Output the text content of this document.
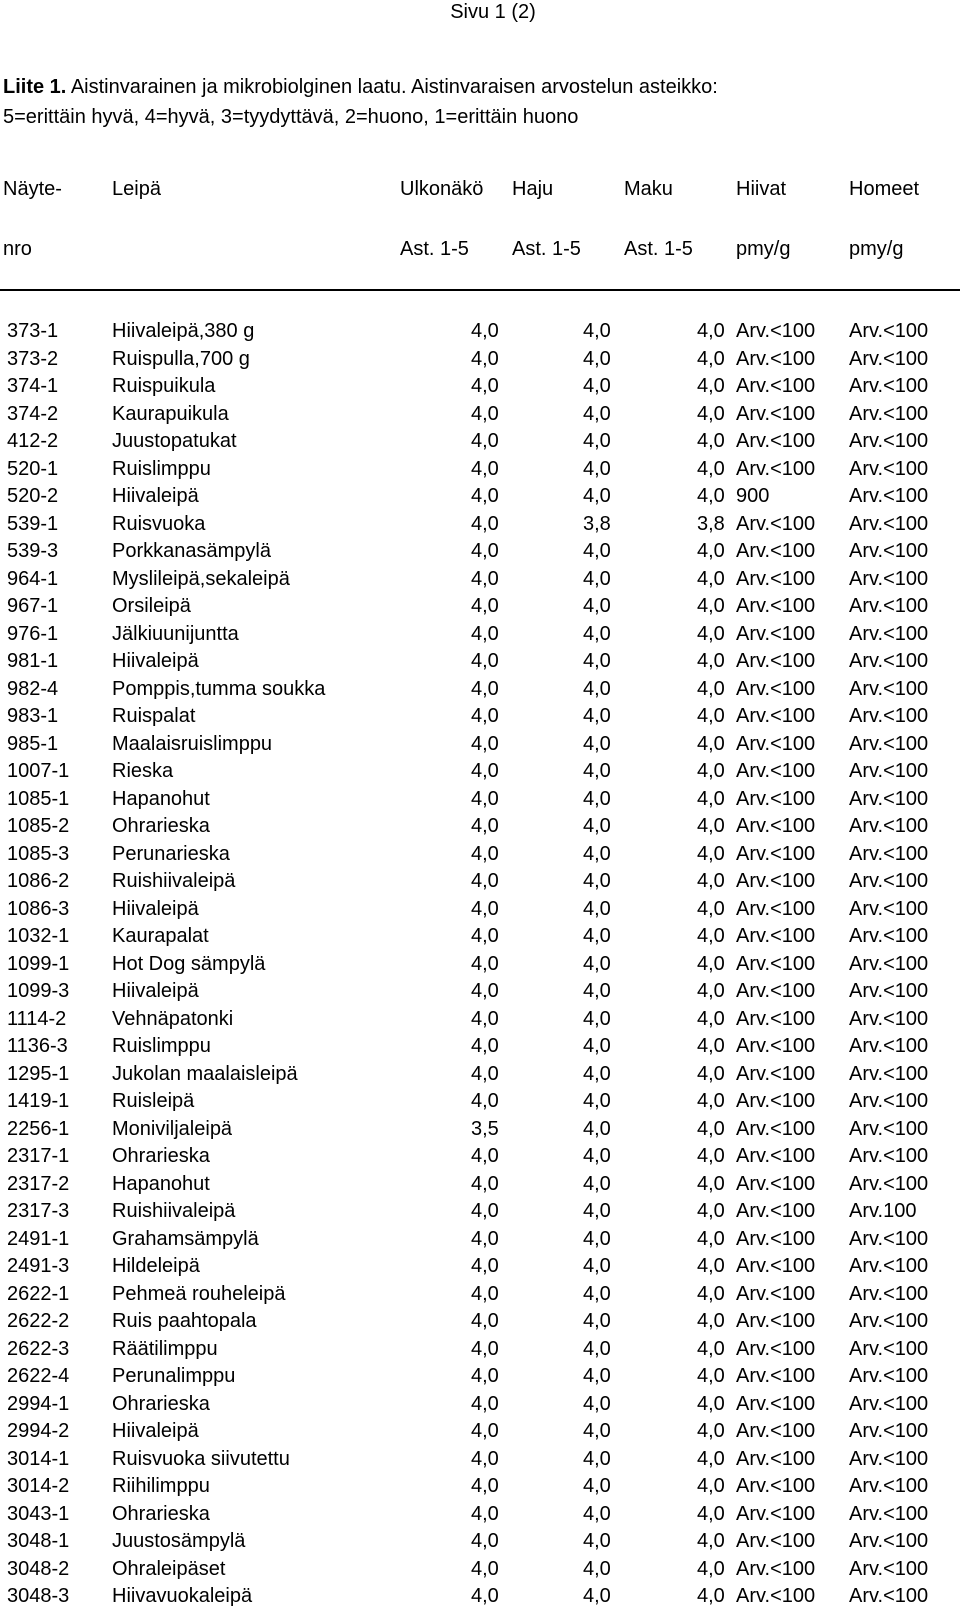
Sivu 1 (2)
Liite 1. Aistinvarainen ja mikrobiolginen laatu. Aistinvaraisen arvostelun asteikko:
5=erittäin hyvä, 4=hyvä, 3=tyydyttävä, 2=huono, 1=erittäin huono
Näyte-	Leipä	Ulkonäkö Haju	Maku	Hiivat	Homeet
nro	Ast. 1-5 Ast. 1-5 Ast. 1-5 pmy/g	pmy/g
373-1	Hiivaleipä,380 g	4,0	4,0	4,0 Arv.<100 Arv.<100
373-2	Ruispulla,700 g	4,0	4,0	4,0 Arv.<100 Arv.<100
374-1	Ruispuikula	4,0	4,0	4,0 Arv.<100 Arv.<100
374-2	Kaurapuikula	4,0	4,0	4,0 Arv.<100 Arv.<100
412-2	Juustopatukat	4,0	4,0	4,0 Arv.<100 Arv.<100
520-1	Ruislimppu	4,0	4,0	4,0 Arv.<100 Arv.<100
520-2	Hiivaleipä	4,0	4,0	4,0 900	Arv.<100
539-1	Ruisvuoka	4,0	3,8	3,8 Arv.<100 Arv.<100
539-3	Porkkanasämpylä	4,0	4,0	4,0 Arv.<100 Arv.<100
964-1	Myslileipä,sekaleipä	4,0	4,0	4,0 Arv.<100 Arv.<100
967-1	Orsileipä	4,0	4,0	4,0 Arv.<100 Arv.<100
976-1	Jälkiuunijuntta	4,0	4,0	4,0 Arv.<100 Arv.<100
981-1	Hiivaleipä	4,0	4,0	4,0 Arv.<100 Arv.<100
982-4	Pomppis,tumma soukka	4,0	4,0	4,0 Arv.<100 Arv.<100
983-1	Ruispalat	4,0	4,0	4,0 Arv.<100 Arv.<100
985-1	Maalaisruislimppu	4,0	4,0	4,0 Arv.<100 Arv.<100
1007-1 Rieska	4,0	4,0	4,0 Arv.<100 Arv.<100
1085-1 Hapanohut	4,0	4,0	4,0 Arv.<100 Arv.<100
1085-2 Ohrarieska	4,0	4,0	4,0 Arv.<100 Arv.<100
1085-3 Perunarieska	4,0	4,0	4,0 Arv.<100 Arv.<100
1086-2 Ruishiivaleipä	4,0	4,0	4,0 Arv.<100 Arv.<100
1086-3 Hiivaleipä	4,0	4,0	4,0 Arv.<100 Arv.<100
1032-1 Kaurapalat	4,0	4,0	4,0 Arv.<100 Arv.<100
1099-1 Hot Dog sämpylä	4,0	4,0	4,0 Arv.<100 Arv.<100
1099-3 Hiivaleipä	4,0	4,0	4,0 Arv.<100 Arv.<100
1114-2 Vehnäpatonki	4,0	4,0	4,0 Arv.<100 Arv.<100
1136-3 Ruislimppu	4,0	4,0	4,0 Arv.<100 Arv.<100
1295-1 Jukolan maalaisleipä	4,0	4,0	4,0 Arv.<100 Arv.<100
1419-1 Ruisleipä	4,0	4,0	4,0 Arv.<100 Arv.<100
2256-1 Moniviljaleipä	3,5	4,0	4,0 Arv.<100 Arv.<100
2317-1 Ohrarieska	4,0	4,0	4,0 Arv.<100 Arv.<100
2317-2 Hapanohut	4,0	4,0	4,0 Arv.<100 Arv.<100
2317-3 Ruishiivaleipä	4,0	4,0	4,0 Arv.<100 Arv.100
2491-1 Grahamsämpylä	4,0	4,0	4,0 Arv.<100 Arv.<100
2491-3 Hildeleipä	4,0	4,0	4,0 Arv.<100 Arv.<100
2622-1 Pehmeä rouheleipä	4,0	4,0	4,0 Arv.<100 Arv.<100
2622-2 Ruis paahtopala	4,0	4,0	4,0 Arv.<100 Arv.<100
2622-3 Räätilimppu	4,0	4,0	4,0 Arv.<100 Arv.<100
2622-4 Perunalimppu	4,0	4,0	4,0 Arv.<100 Arv.<100
2994-1 Ohrarieska	4,0	4,0	4,0 Arv.<100 Arv.<100
2994-2 Hiivaleipä	4,0	4,0	4,0 Arv.<100 Arv.<100
3014-1 Ruisvuoka siivutettu	4,0	4,0	4,0 Arv.<100 Arv.<100
3014-2 Riihilimppu	4,0	4,0	4,0 Arv.<100 Arv.<100
3043-1 Ohrarieska	4,0	4,0	4,0 Arv.<100 Arv.<100
3048-1 Juustosämpylä	4,0	4,0	4,0 Arv.<100 Arv.<100
3048-2 Ohraleipäset	4,0	4,0	4,0 Arv.<100 Arv.<100
3048-3 Hiivavuokaleipä	4,0	4,0	4,0 Arv.<100 Arv.<100
